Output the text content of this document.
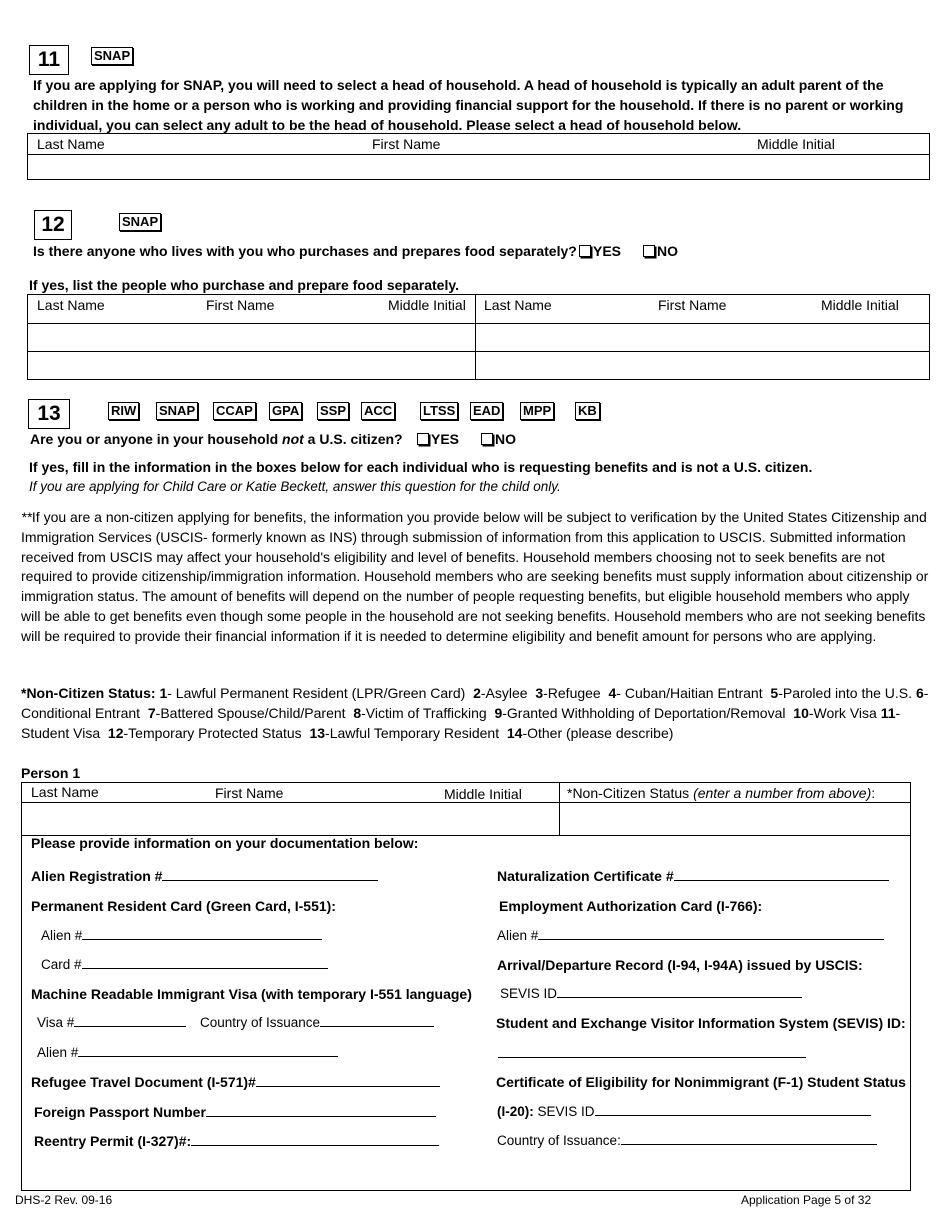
11	SNAP
If you are applying for SNAP, you will need to select a head of household. A head of household is typically an adult parent of the children in the home or a person who is working and providing financial support for the household. If there is no parent or working individual, you can select any adult to be the head of household. Please select a head of household below.
Last Name	First Name	Middle Initial
12	SNAP
Is there anyone who lives with you who purchases and prepares food separately?	YES	NO
If yes, list the people who purchase and prepare food separately.
Last Name	First Name	Middle Initial Last Name	First Name	Middle Initial
13	RIW SNAP CCAP GPA SSP ACC LTSS EAD MPP KB
Are you or anyone in your household not a U.S. citizen?	YES	NO
If yes, fill in the information in the boxes below for each individual who is requesting benefits and is not a U.S. citizen.
If you are applying for Child Care or Katie Beckett, answer this question for the child only.
**If you are a non-citizen applying for benefits, the information you provide below will be subject to verification by the United States Citizenship and Immigration Services (USCIS- formerly known as INS) through submission of information from this application to USCIS. Submitted information received from USCIS may affect your household's eligibility and level of benefits. Household members choosing not to seek benefits are not required to provide citizenship/immigration information. Household members who are seeking benefits must supply information about citizenship or immigration status. The amount of benefits will depend on the number of people requesting benefits, but eligible household members who apply will be able to get benefits even though some people in the household are not seeking benefits. Household members who are not seeking benefits will be required to provide their financial information if it is needed to determine eligibility and benefit amount for persons who are applying.
*Non-Citizen Status: 1- Lawful Permanent Resident (LPR/Green Card) 2-Asylee 3-Refugee 4- Cuban/Haitian Entrant 5-Paroled into the U.S. 6-Conditional Entrant 7-Battered Spouse/Child/Parent 8-Victim of Trafficking 9-Granted Withholding of Deportation/Removal 10-Work Visa 11-Student Visa 12-Temporary Protected Status 13-Lawful Temporary Resident 14-Other (please describe)
Person 1
Last Name	First Name	Middle Initial	*Non-Citizen Status (enter a number from above):
Please provide information on your documentation below:
Alien Registration #
Permanent Resident Card (Green Card, I-551):
Alien #
Card #
Machine Readable Immigrant Visa (with temporary I-551 language)
Visa #	Country of Issuance
Alien #
Refugee Travel Document (I-571)#
Foreign Passport Number
Reentry Permit (I-327)#:
Naturalization Certificate #
Employment Authorization Card (I-766):
Alien #
Arrival/Departure Record (I-94, I-94A) issued by USCIS:
SEVIS ID
Student and Exchange Visitor Information System (SEVIS) ID:
Certificate of Eligibility for Nonimmigrant (F-1) Student Status
(I-20): SEVIS ID
Country of Issuance:
DHS-2 Rev. 09-16	Application Page 5 of 32
